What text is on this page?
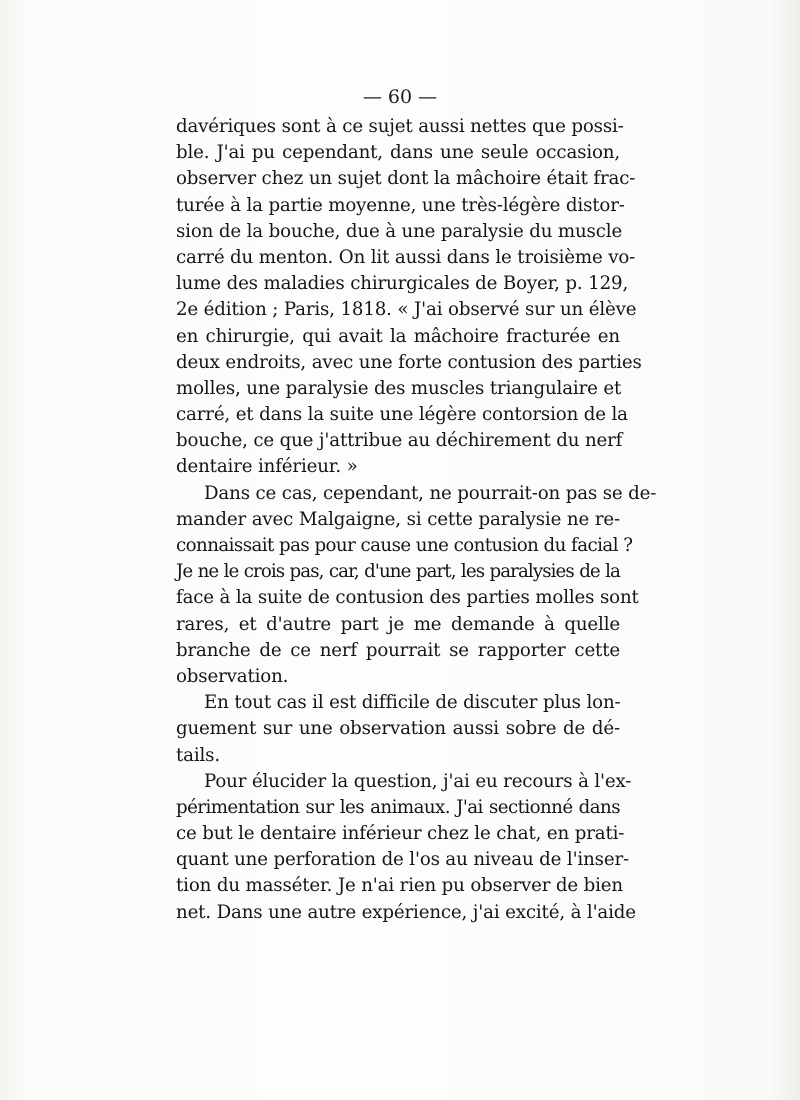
— 60 —
davériques sont à ce sujet aussi nettes que possi-
ble. J'ai pu cependant, dans une seule occasion,
observer chez un sujet dont la mâchoire était frac-
turée à la partie moyenne, une très-légère distor-
sion de la bouche, due à une paralysie du muscle
carré du menton. On lit aussi dans le troisième vo-
lume des maladies chirurgicales de Boyer, p. 129,
2e édition ; Paris, 1818. « J'ai observé sur un élève
en chirurgie, qui avait la mâchoire fracturée en
deux endroits, avec une forte contusion des parties
molles, une paralysie des muscles triangulaire et
carré, et dans la suite une légère contorsion de la
bouche, ce que j'attribue au déchirement du nerf
dentaire inférieur. »
Dans ce cas, cependant, ne pourrait-on pas se de-
mander avec Malgaigne, si cette paralysie ne re-
connaissait pas pour cause une contusion du facial ?
Je ne le crois pas, car, d'une part, les paralysies de la
face à la suite de contusion des parties molles sont
rares, et d'autre part je me demande à quelle
branche de ce nerf pourrait se rapporter cette
observation.
En tout cas il est difficile de discuter plus lon-
guement sur une observation aussi sobre de dé-
tails.
Pour élucider la question, j'ai eu recours à l'ex-
périmentation sur les animaux. J'ai sectionné dans
ce but le dentaire inférieur chez le chat, en prati-
quant une perforation de l'os au niveau de l'inser-
tion du masséter. Je n'ai rien pu observer de bien
net. Dans une autre expérience, j'ai excité, à l'aide
